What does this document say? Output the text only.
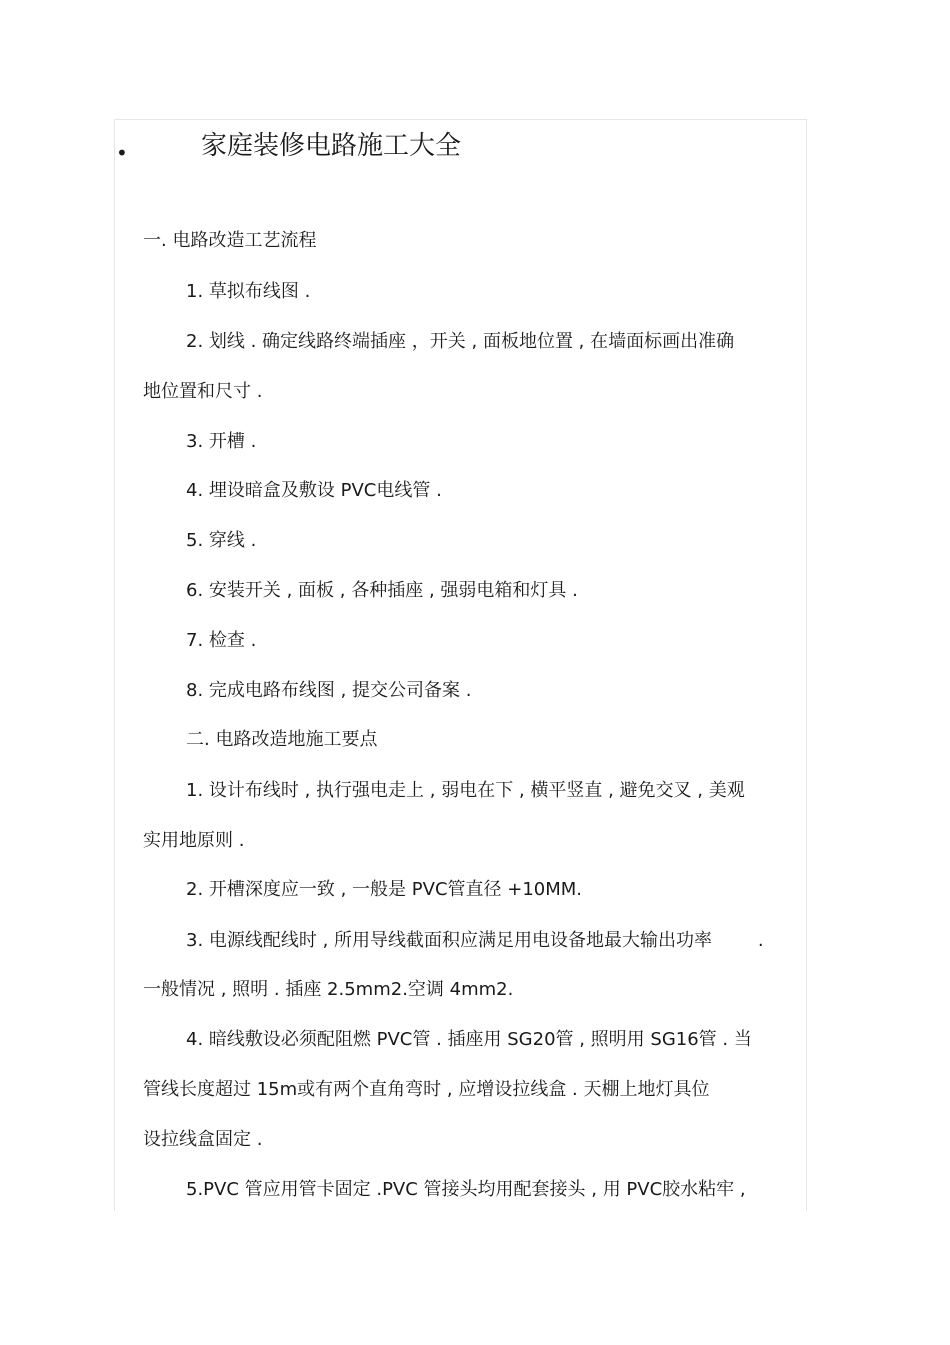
•	家庭装修电路施工大全
一. 电路改造工艺流程
1. 草拟布线图 .
2. 划线 . 确定线路终端插座 ，开关 , 面板地位置 , 在墙面标画出准确
地位置和尺寸 .
3. 开槽 .
4. 埋设暗盒及敷设 PVC电线管 .
5. 穿线 .
6. 安装开关 , 面板 , 各种插座 , 强弱电箱和灯具 .
7. 检查 .
8. 完成电路布线图 , 提交公司备案 .
二. 电路改造地施工要点
1. 设计布线时 , 执行强电走上 , 弱电在下 , 横平竖直 , 避免交叉 , 美观
实用地原则 .
2. 开槽深度应一致 , 一般是 PVC管直径 +10MM.
3. 电源线配线时 , 所用导线截面积应满足用电设备地最大输出功率        .
一般情况 , 照明 . 插座 2.5mm2.空调 4mm2.
4. 暗线敷设必须配阻燃 PVC管 . 插座用 SG20管 , 照明用 SG16管 . 当
管线长度超过 15m或有两个直角弯时 , 应增设拉线盒 . 天棚上地灯具位
设拉线盒固定 .
5.PVC 管应用管卡固定 .PVC 管接头均用配套接头 , 用 PVC胶水粘牢 ,
